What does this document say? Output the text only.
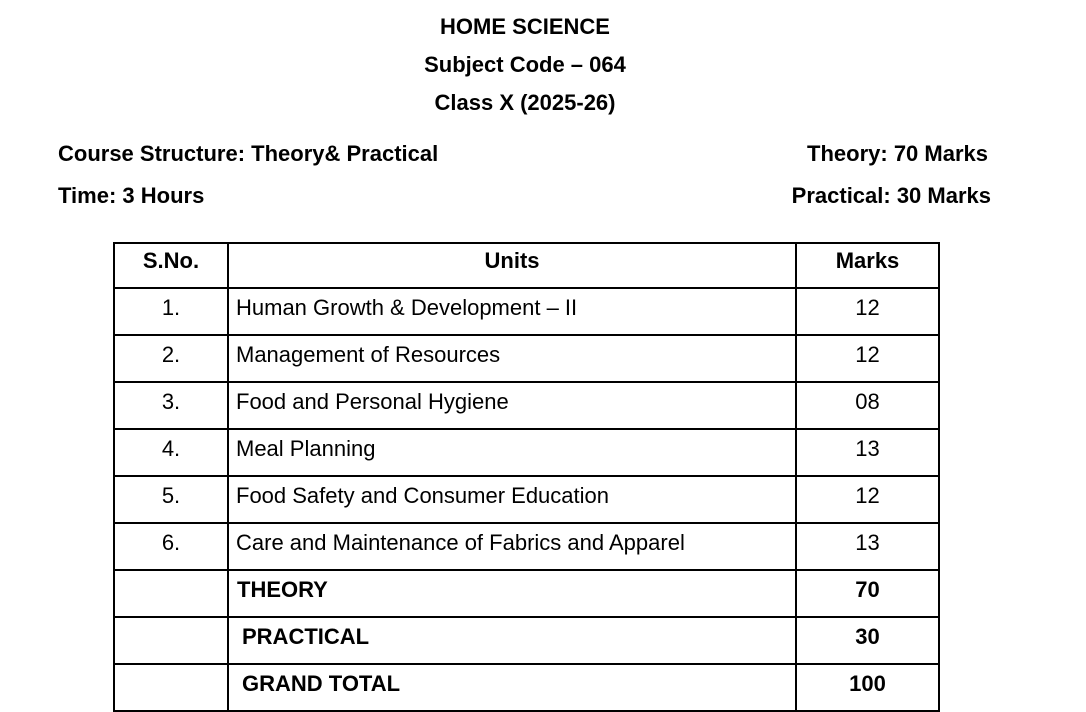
HOME SCIENCE
Subject Code – 064
Class X (2025-26)
Course Structure: Theory& Practical
Time: 3 Hours
Theory: 70 Marks
Practical: 30 Marks
S.No.	Units	Marks
1.	Human Growth & Development – II	12
2.	Management of Resources	12
3.	Food and Personal Hygiene	08
4.	Meal Planning	13
5.	Food Safety and Consumer Education	12
6.	Care and Maintenance of Fabrics and Apparel	13
	THEORY	70
	PRACTICAL	30
	GRAND TOTAL	100
